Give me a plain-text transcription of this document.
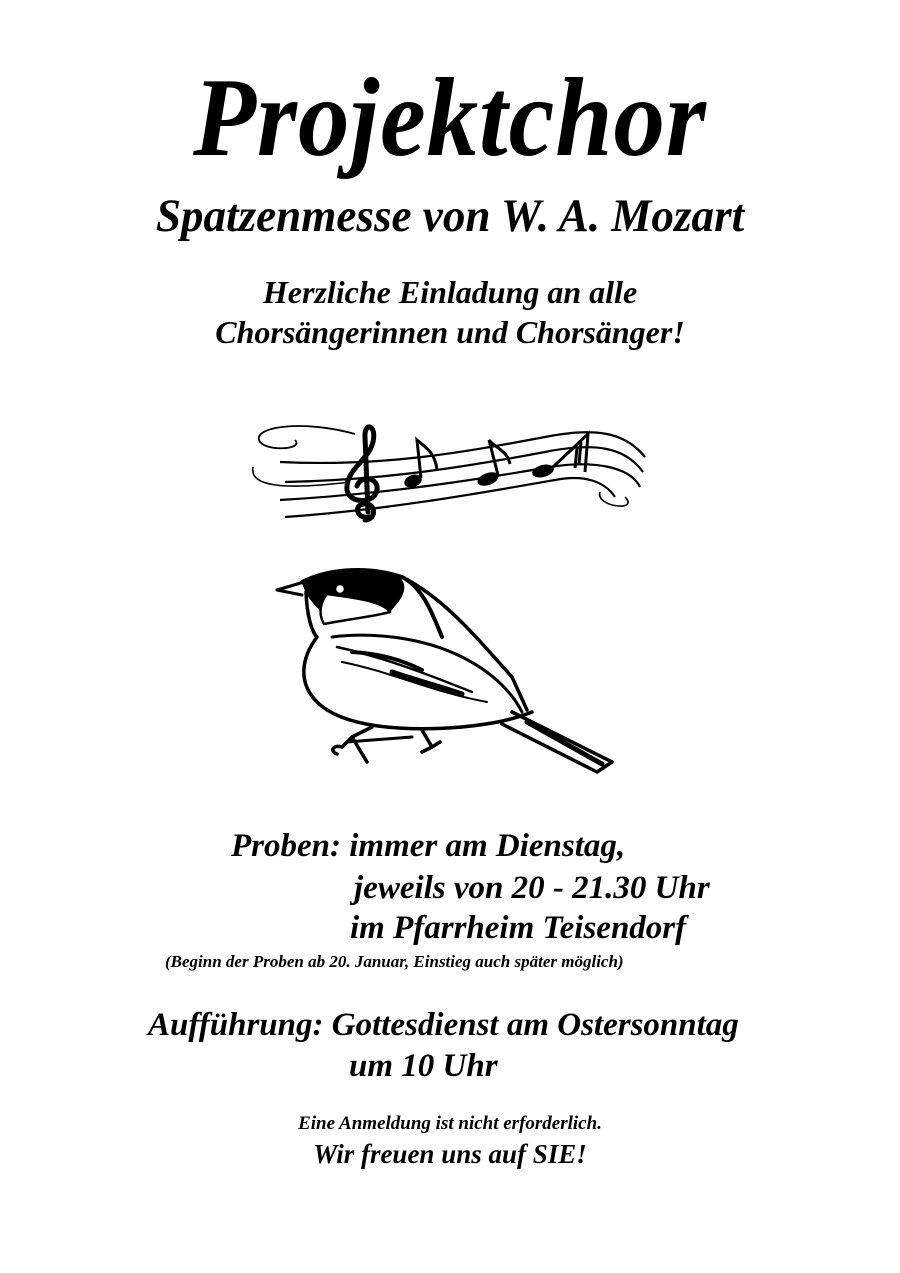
Projektchor
Spatzenmesse von W. A. Mozart
Herzliche Einladung an alle
Chorsängerinnen und Chorsänger!
Proben: immer am Dienstag,
jeweils von 20 - 21.30 Uhr
im Pfarrheim Teisendorf
(Beginn der Proben ab 20. Januar, Einstieg auch später möglich)
Aufführung: Gottesdienst am Ostersonntag
um 10 Uhr
Eine Anmeldung ist nicht erforderlich.
Wir freuen uns auf SIE!
